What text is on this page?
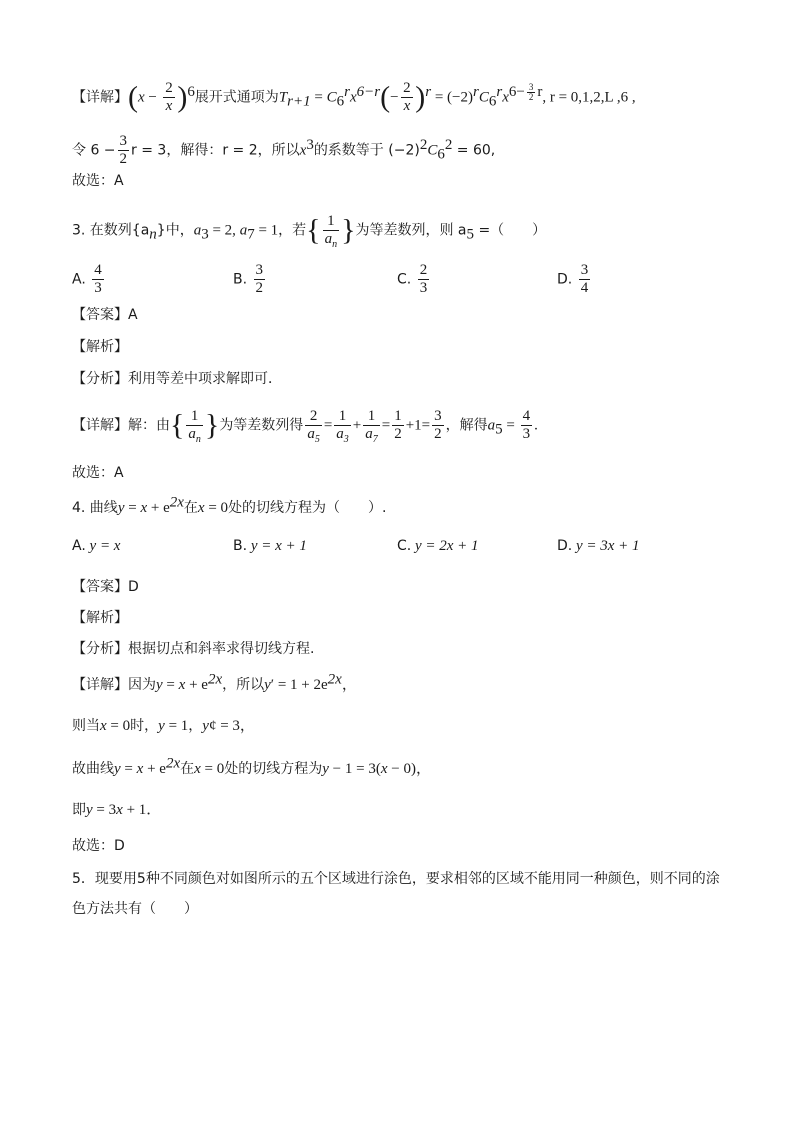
【详解】$(x - \frac{2}{x} )^6$展开式通项为$T_{r+1} = C_6^rx^{6-r}(- \frac{2}{x} )^r = (-2)^rC_6^rx^{6- \frac{3}{2} r}$, r = 0,1,2,L ,6 ,
令 $6 - \frac{3}{2}$ r = 3，解得：r = 2，所以$x^3$的系数等于 $(-2)^2C_6^2 = 60$,
故选：A
3. 在数列$\{a_n\}$中，$a_3 = 2$, $a_7 = 1$，若{ $\frac{1}{a_n}$ }为等差数列，则 $a_5$ =（　　）
A. $\frac{4}{3}$	B. $\frac{3}{2}$	C. $\frac{2}{3}$	D. $\frac{3}{4}$
【答案】A
【解析】
【分析】利用等差中项求解即可．
【详解】解：由{ $\frac{1}{a_n}$ }为等差数列得 $\frac{2}{a_5} = \frac{1}{a_3} + \frac{1}{a_7} = \frac{1}{2} +1= \frac{3}{2}$ ，解得$a_5 = \frac{4}{3}$ .
故选：A
4. 曲线$y = x + e^{2x}$在x = 0处的切线方程为（　　）.
A. y = x	B. y = x + 1	C. y = 2x + 1	D. y = 3x + 1
【答案】D
【解析】
【分析】根据切点和斜率求得切线方程.
【详解】因为$y = x + e^{2x}$，所以$y' = 1 + 2e^{2x}$，
则当x = 0时，y = 1，y¢ = 3，
故曲线$y = x + e^{2x}$在x = 0处的切线方程为y − 1 = 3(x − 0)，
即y = 3x + 1．
故选：D
5．现要用5种不同颜色对如图所示的五个区域进行涂色，要求相邻的区域不能用同一种颜色，则不同的涂
色方法共有（　　）
